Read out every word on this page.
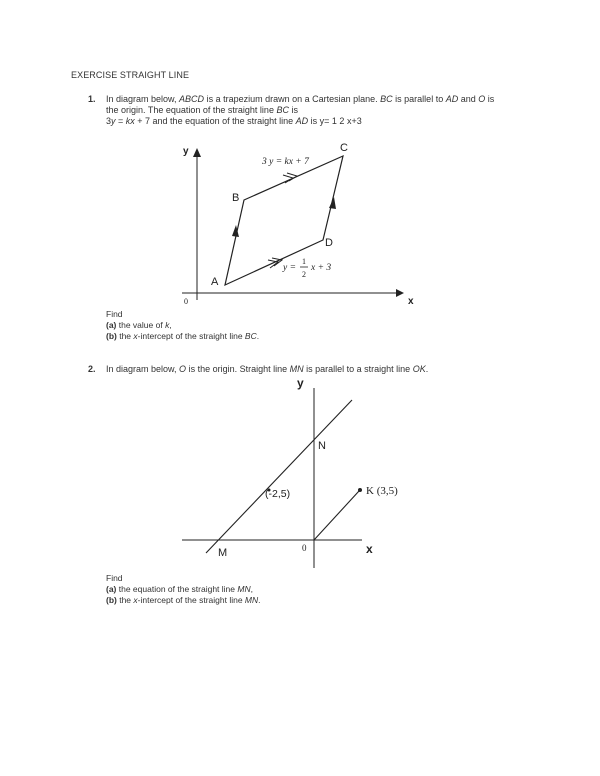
EXERCISE STRAIGHT LINE
1. In diagram below, ABCD is a trapezium drawn on a Cartesian plane. BC is parallel to AD and O is
the origin. The equation of the straight line BC is
3y = kx + 7 and the equation of the straight line AD is y= 1 2 x+3
y
x
0
A
B
C
D
3 y = kx + 7
y =
1
2
x + 3
y
x
0
N
M
(-2,5)	K (3,5)
Find
(a) the value of k,
(b) the x-intercept of the straight line BC.
2. In diagram below, O is the origin. Straight line MN is parallel to a straight line OK.
Find
(a) the equation of the straight line MN,
(b) the x-intercept of the straight line MN.
